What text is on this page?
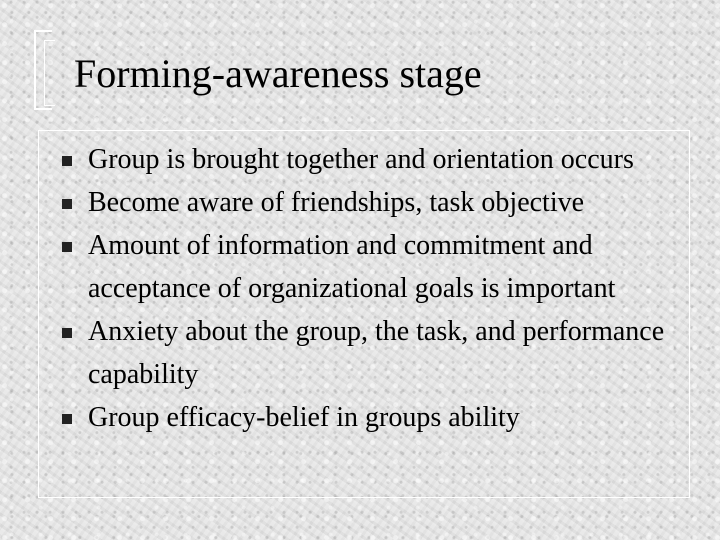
Forming-awareness stage
Group is brought together and orientation occurs
Become aware of friendships, task objective
Amount of information and commitment and acceptance of organizational goals is important
Anxiety about the group, the task, and performance capability
Group efficacy-belief in groups ability
